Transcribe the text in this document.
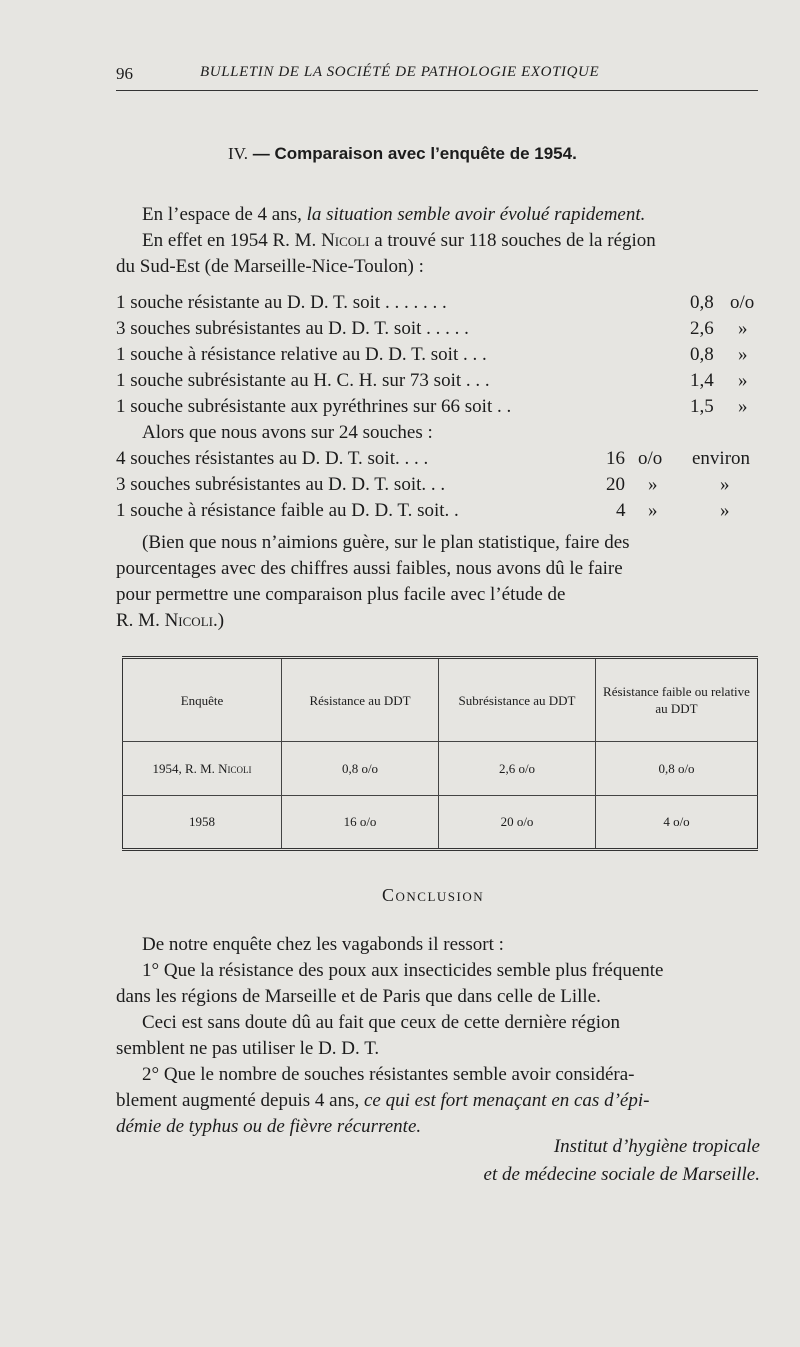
96	BULLETIN DE LA SOCIÉTÉ DE PATHOLOGIE EXOTIQUE
IV. — Comparaison avec l’enquête de 1954.
En l’espace de 4 ans, la situation semble avoir évolué rapidement.
En effet en 1954 R. M. Nicoli a trouvé sur 118 souches de la région
du Sud-Est (de Marseille-Nice-Toulon) :
1 souche résistante au D. D. T. soit . . . . . . .	0,8 o/o
3 souches subrésistantes au D. D. T. soit . . . . .	2,6 »
1 souche à résistance relative au D. D. T. soit . . .	0,8 »
1 souche subrésistante au H. C. H. sur 73 soit . . .	1,4 »
1 souche subrésistante aux pyréthrines sur 66 soit . .	1,5 »
Alors que nous avons sur 24 souches :
4 souches résistantes au D. D. T. soit. . . .	16 o/o environ
3 souches subrésistantes au D. D. T. soit. . .	20 »	»
1 souche à résistance faible au D. D. T. soit. .	4 »	»
(Bien que nous n’aimions guère, sur le plan statistique, faire des
pourcentages avec des chiffres aussi faibles, nous avons dû le faire
pour permettre une comparaison plus facile avec l’étude de
R. M. Nicoli.)
Enquête	Résistance au DDT	Subrésistance au DDT	Résistance faible ou relative au DDT
1954, R. M. Nicoli	0,8 o/o	2,6 o/o	0,8 o/o
1958	16 o/o	20 o/o	4 o/o
Conclusion
De notre enquête chez les vagabonds il ressort :
1° Que la résistance des poux aux insecticides semble plus fréquente
dans les régions de Marseille et de Paris que dans celle de Lille.
Ceci est sans doute dû au fait que ceux de cette dernière région
semblent ne pas utiliser le D. D. T.
2° Que le nombre de souches résistantes semble avoir considéra-
blement augmenté depuis 4 ans, ce qui est fort menaçant en cas d’épi-
démie de typhus ou de fièvre récurrente.
Institut d’hygiène tropicale
et de médecine sociale de Marseille.
